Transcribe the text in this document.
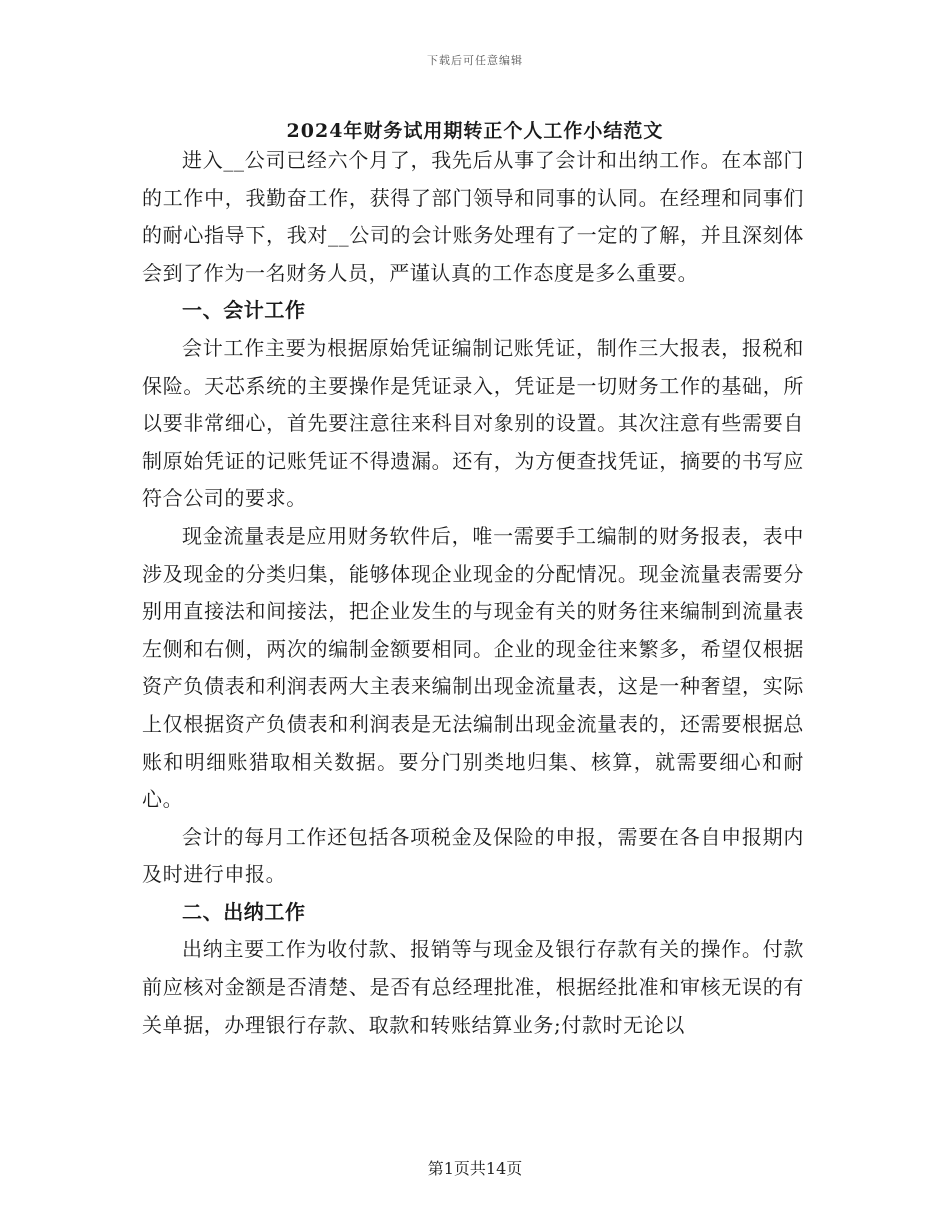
下载后可任意编辑
2024年财务试用期转正个人工作小结范文

进入__公司已经六个月了，我先后从事了会计和出纳工作。在本部门的工作中，我勤奋工作，获得了部门领导和同事的认同。在经理和同事们的耐心指导下，我对__公司的会计账务处理有了一定的了解，并且深刻体会到了作为一名财务人员，严谨认真的工作态度是多么重要。

一、会计工作

会计工作主要为根据原始凭证编制记账凭证，制作三大报表，报税和保险。天芯系统的主要操作是凭证录入，凭证是一切财务工作的基础，所以要非常细心，首先要注意往来科目对象别的设置。其次注意有些需要自制原始凭证的记账凭证不得遗漏。还有，为方便查找凭证，摘要的书写应符合公司的要求。

现金流量表是应用财务软件后，唯一需要手工编制的财务报表，表中涉及现金的分类归集，能够体现企业现金的分配情况。现金流量表需要分别用直接法和间接法，把企业发生的与现金有关的财务往来编制到流量表左侧和右侧，两次的编制金额要相同。企业的现金往来繁多，希望仅根据资产负债表和利润表两大主表来编制出现金流量表，这是一种奢望，实际上仅根据资产负债表和利润表是无法编制出现金流量表的，还需要根据总账和明细账猎取相关数据。要分门别类地归集、核算，就需要细心和耐心。

会计的每月工作还包括各项税金及保险的申报，需要在各自申报期内及时进行申报。

二、出纳工作

出纳主要工作为收付款、报销等与现金及银行存款有关的操作。付款前应核对金额是否清楚、是否有总经理批准，根据经批准和审核无误的有关单据，办理银行存款、取款和转账结算业务;付款时无论以

第1页共14页
